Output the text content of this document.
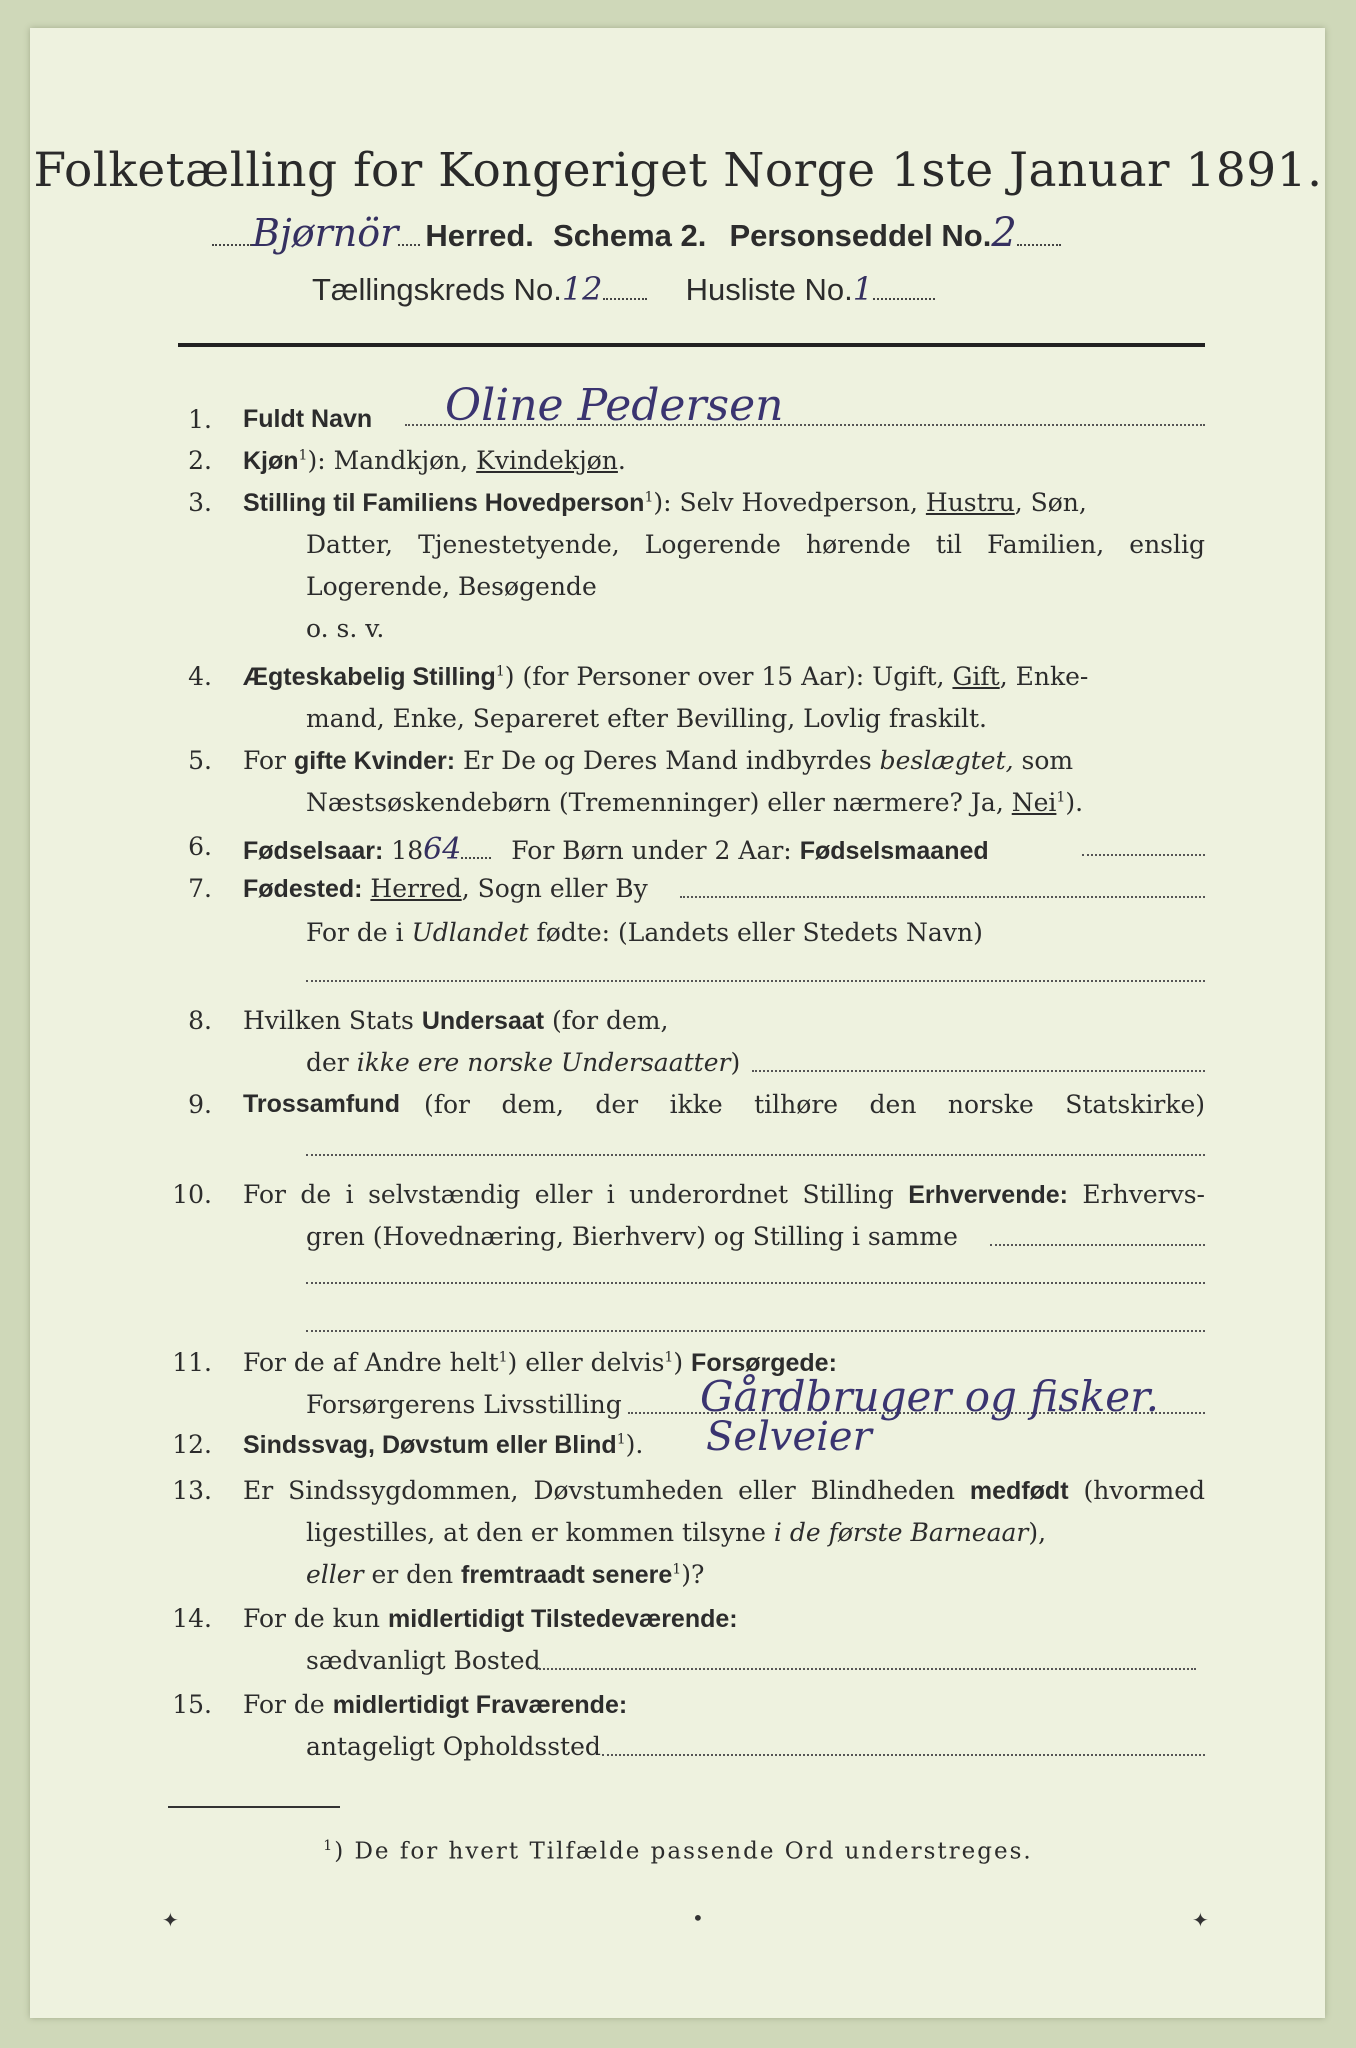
Folketælling for Kongeriget Norge 1ste Januar 1891.
Bjørnör Herred. Schema 2. Personseddel No.2
Tællingskreds No.12	Husliste No.1
1. Fuldt Navn Oline Pedersen
2. Kjøn$^1$): Mandkjøn, Kvindekjøn.
3. Stilling til Familiens Hovedperson$^1$): Selv Hovedperson, Hustru, Søn,
Datter, Tjenestetyende, Logerende hørende til Familien, enslig
Logerende, Besøgende
o. s. v.
4. Ægteskabelig Stilling$^1$) (for Personer over 15 Aar): Ugift, Gift, Enke-
mand, Enke, Separeret efter Bevilling, Lovlig fraskilt.
5. For gifte Kvinder: Er De og Deres Mand indbyrdes beslægtet, som
Næstsøskendebørn (Tremenninger) eller nærmere? Ja, Nei$^1$).
6. Fødselsaar: 1864 For Børn under 2 Aar: Fødselsmaaned
7. Fødested: Herred, Sogn eller By
For de i Udlandet fødte: (Landets eller Stedets Navn)
8. Hvilken Stats Undersaat (for dem,
der ikke ere norske Undersaatter)
9. Trossamfund (for dem, der ikke tilhøre den norske Statskirke)
10. For de i selvstændig eller i underordnet Stilling Erhvervende: Erhvervs-
gren (Hovednæring, Bierhverv) og Stilling i samme
11. For de af Andre helt$^1$) eller delvis$^1$) Forsørgede:
Forsørgerens Livsstilling Gårdbruger og fisker.
12. Sindssvag, Døvstum eller Blind$^1$). Selveier
13. Er Sindssygdommen, Døvstumheden eller Blindheden medfødt (hvormed
ligestilles, at den er kommen tilsyne i de første Barneaar),
eller er den fremtraadt senere$^1$)?
14. For de kun midlertidigt Tilstedeværende:
sædvanligt Bosted
15. For de midlertidigt Fraværende:
antageligt Opholdssted
$^1$) De for hvert Tilfælde passende Ord understreges.
✦	•	✦
